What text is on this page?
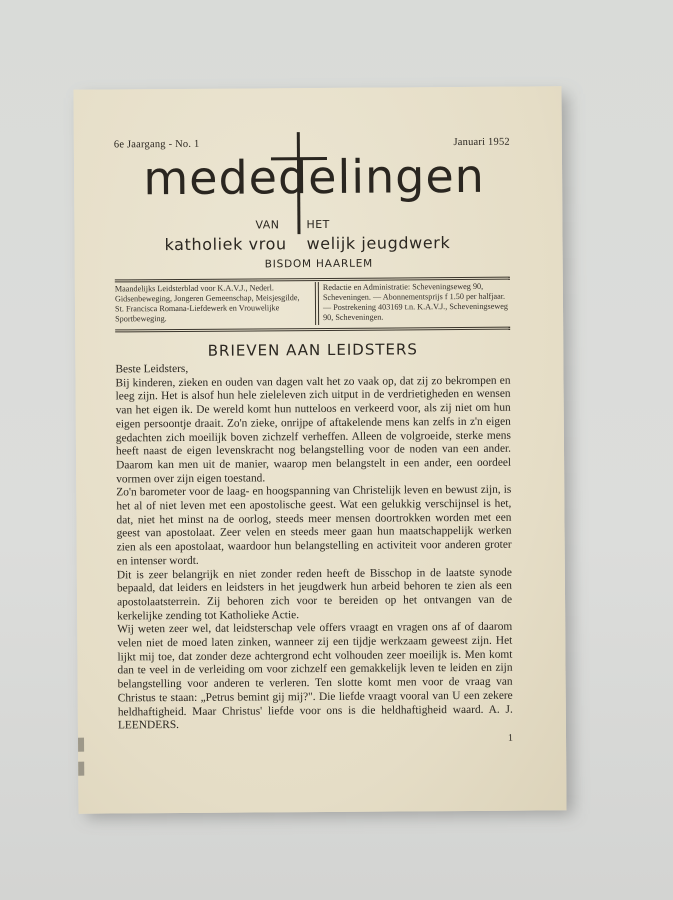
6e Jaargang - No. 1	Januari 1952
mededelingen
VAN HET
katholiek vrou welijk jeugdwerk
BISDOM HAARLEM
Maandelijks Leidsterblad voor K.A.V.J., Nederl. Gidsenbeweging, Jongeren Gemeenschap, Meisjesgilde, St. Francisca Romana-Liefdewerk en Vrouwelijke Sportbeweging.
Redactie en Administratie: Scheveningseweg 90, Scheveningen. — Abonnementsprijs f 1.50 per halfjaar. — Postrekening 403169 t.n. K.A.V.J., Scheveningseweg 90, Scheveningen.
BRIEVEN AAN LEIDSTERS

Beste Leidsters,

Bij kinderen, zieken en ouden van dagen valt het zo vaak op, dat zij zo bekrompen en leeg zijn. Het is alsof hun hele zieleleven zich uitput in de verdrietigheden en wensen van het eigen ik. De wereld komt hun nutteloos en verkeerd voor, als zij niet om hun eigen persoontje draait. Zo'n zieke, onrijpe of aftakelende mens kan zelfs in z'n eigen gedachten zich moeilijk boven zichzelf verheffen. Alleen de volgroeide, sterke mens heeft naast de eigen levenskracht nog belangstelling voor de noden van een ander. Daarom kan men uit de manier, waarop men belangstelt in een ander, een oordeel vormen over zijn eigen toestand.

Zo'n barometer voor de laag- en hoogspanning van Christelijk leven en bewust zijn, is het al of niet leven met een apostolische geest. Wat een gelukkig verschijnsel is het, dat, niet het minst na de oorlog, steeds meer mensen doortrokken worden met een geest van apostolaat. Zeer velen en steeds meer gaan hun maatschappelijk werken zien als een apostolaat, waardoor hun belangstelling en activiteit voor anderen groter en intenser wordt.

Dit is zeer belangrijk en niet zonder reden heeft de Bisschop in de laatste synode bepaald, dat leiders en leidsters in het jeugdwerk hun arbeid behoren te zien als een apostolaatsterrein. Zij behoren zich voor te bereiden op het ontvangen van de kerkelijke zending tot Katholieke Actie.

Wij weten zeer wel, dat leidsterschap vele offers vraagt en vragen ons af of daarom velen niet de moed laten zinken, wanneer zij een tijdje werkzaam geweest zijn. Het lijkt mij toe, dat zonder deze achtergrond echt volhouden zeer moeilijk is. Men komt dan te veel in de verleiding om voor zichzelf een gemakkelijk leven te leiden en zijn belangstelling voor anderen te verleren. Ten slotte komt men voor de vraag van Christus te staan: „Petrus bemint gij mij?". Die liefde vraagt vooral van U een zekere heldhaftigheid. Maar Christus' liefde voor ons is die heldhaftigheid waard. A. J. LEENDERS.

1
